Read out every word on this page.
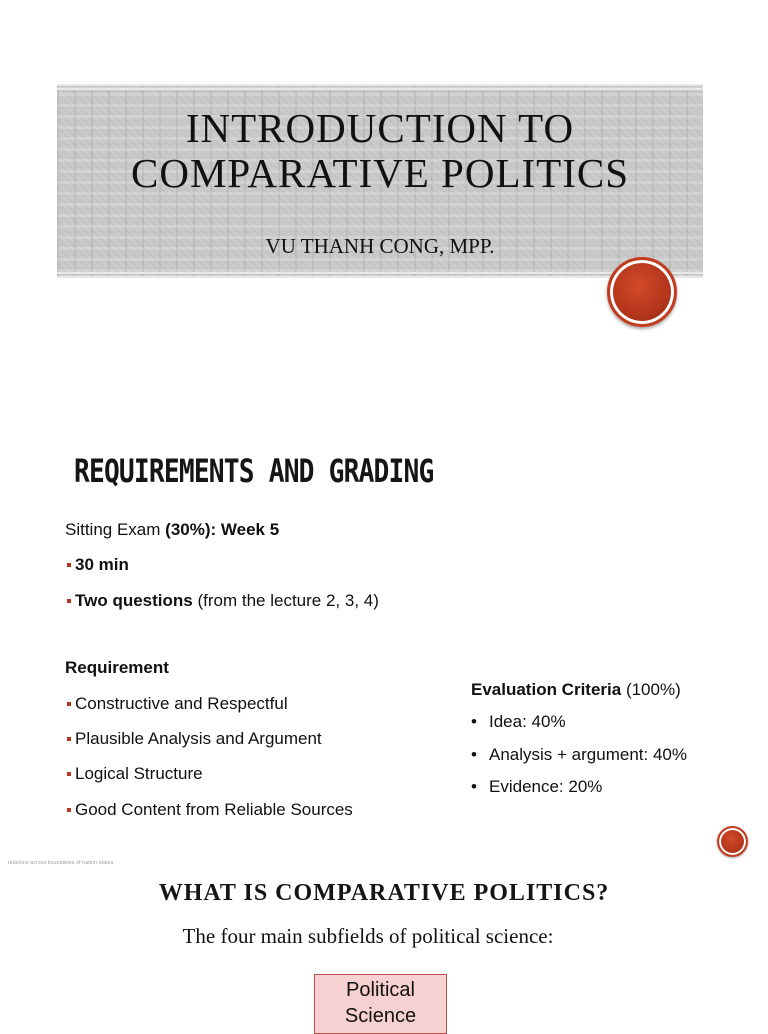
INTRODUCTION TO
COMPARATIVE POLITICS
VU THANH CONG, MPP.
REQUIREMENTS AND GRADING
Sitting Exam (30%): Week 5
30 min
Two questions (from the lecture 2, 3, 4)
Requirement
Constructive and Respectful
Plausible Analysis and Argument
Logical Structure
Good Content from Reliable Sources
Evaluation Criteria (100%)
• Idea: 40%
• Analysis + argument: 40%
• Evidence: 20%
relations across boundaries of nation-states
WHAT IS COMPARATIVE POLITICS?
The four main subfields of political science:
Political
Science
